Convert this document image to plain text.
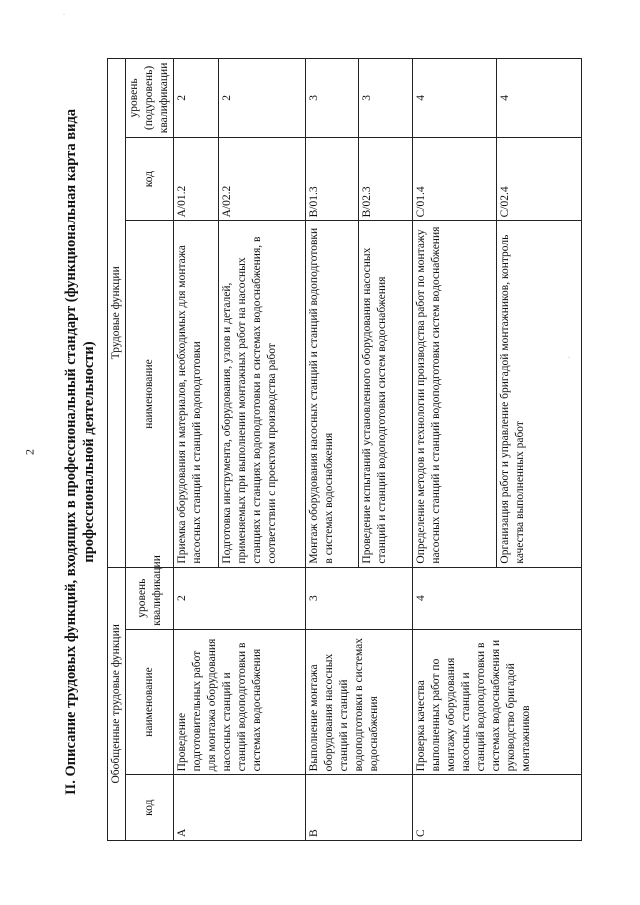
2 II. Описание трудовых функций, входящих в профессиональный стандарт (функциональная карта вида профессиональной деятельности)
Обобщенные трудовые функции			Трудовые функции		
код	наименование	уровень квалификации	наименование	код	уровень (подуровень) квалификации
A	Проведение подготовительных работ для монтажа оборудования насосных станций и станций водоподготовки в системах водоснабжения	2	Приемка оборудования и материалов, необходимых для монтажа насосных станций и станций водоподготовки	A/01.2	2
			Подготовка инструмента, оборудования, узлов и деталей, применяемых при выполнении монтажных работ на насосных станциях и станциях водоподготовки в системах водоснабжения, в соответствии с проектом производства работ	A/02.2	2
B	Выполнение монтажа оборудования насосных станций и станций водоподготовки в системах водоснабжения	3	Монтаж оборудования насосных станций и станций водоподготовки в системах водоснабжения	B/01.3	3
			Проведение испытаний установленного оборудования насосных станций и станций водоподготовки систем водоснабжения	B/02.3	3
C	Проверка качества выполненных работ по монтажу оборудования насосных станций и станций водоподготовки в системах водоснабжения и руководство бригадой монтажников	4	Определение методов и технологии производства работ по монтажу насосных станций и станций водоподготовки систем водоснабжения	C/01.4	4
			Организация работ и управление бригадой монтажников, контроль качества выполненных работ	C/02.4	4
·
·
